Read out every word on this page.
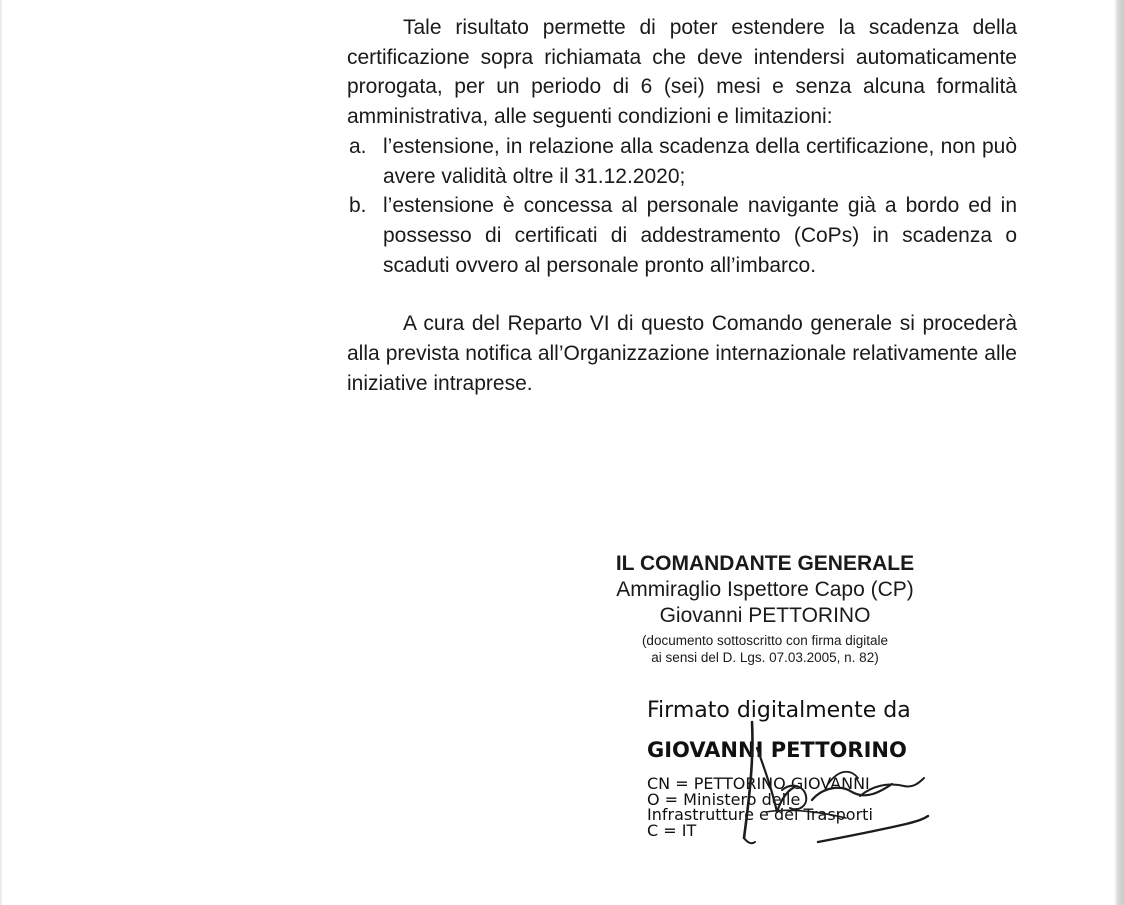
Tale risultato permette di poter estendere la scadenza della certificazione sopra richiamata che deve intendersi automaticamente prorogata, per un periodo di 6 (sei) mesi e senza alcuna formalità amministrativa, alle seguenti condizioni e limitazioni:

a. l’estensione, in relazione alla scadenza della certificazione, non può avere validità oltre il 31.12.2020;
b. l’estensione è concessa al personale navigante già a bordo ed in possesso di certificati di addestramento (CoPs) in scadenza o scaduti ovvero al personale pronto all’imbarco.

A cura del Reparto VI di questo Comando generale si procederà alla prevista notifica all’Organizzazione internazionale relativamente alle iniziative intraprese.

IL COMANDANTE GENERALE
Ammiraglio Ispettore Capo (CP)
Giovanni PETTORINO
(documento sottoscritto con firma digitale
ai sensi del D. Lgs. 07.03.2005, n. 82)
Firmato digitalmente da
GIOVANNI PETTORINO
CN = PETTORINO GIOVANNI
O = Ministero delle
Infrastrutture e dei Trasporti
C = IT
